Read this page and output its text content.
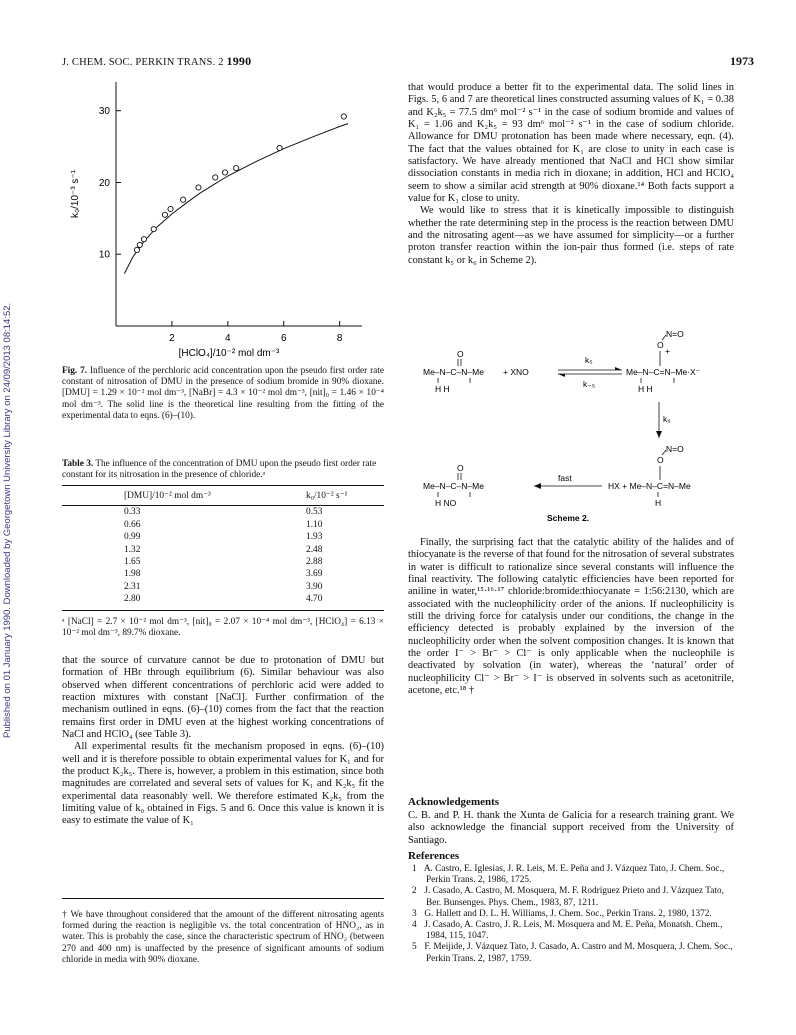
Published on 01 January 1990. Downloaded by Georgetown University Library on 24/09/2013 08:14:52.
J. CHEM. SOC. PERKIN TRANS. 2 1990	1973
10
20
30
2	4	6	8
[HClO₄]/10⁻² mol dm⁻³
k₀/10⁻³ s⁻¹
Fig. 7. Influence of the perchloric acid concentration upon the pseudo first order rate constant of nitrosation of DMU in the presence of sodium bromide in 90% dioxane. [DMU] = 1.29 × 10⁻² mol dm⁻³, [NaBr] = 4.3 × 10⁻² mol dm⁻³, [nit]₀ = 1.46 × 10⁻⁴ mol dm⁻³. The solid line is the theoretical line resulting from the fitting of the experimental data to eqns. (6)–(10).
Table 3. The influence of the concentration of DMU upon the pseudo first order rate constant for its nitrosation in the presence of chloride.ᵃ
[DMU]/10⁻² mol dm⁻³	k₀/10⁻² s⁻¹
0.33	0.53
0.66	1.10
0.99	1.93
1.32	2.48
1.65	2.88
1.98	3.69
2.31	3.90
2.80	4.70
ᵃ [NaCl] = 2.7 × 10⁻² mol dm⁻³, [nit]₀ = 2.07 × 10⁻⁴ mol dm⁻³, [HClO₄] = 6.13 × 10⁻² mol dm⁻³, 89.7% dioxane.

that the source of curvature cannot be due to protonation of DMU but formation of HBr through equilibrium (6). Similar behaviour was also observed when different concentrations of perchloric acid were added to reaction mixtures with constant [NaCl]. Further confirmation of the mechanism outlined in eqns. (6)–(10) comes from the fact that the reaction remains first order in DMU even at the highest working concentrations of NaCl and HClO₄ (see Table 3).

All experimental results fit the mechanism proposed in eqns. (6)–(10) well and it is therefore possible to obtain experimental values for K₁ and for the product K₂k₅. There is, however, a problem in this estimation, since both magnitudes are correlated and several sets of values for K₁ and K₂k₅ fit the experimental data reasonably well. We therefore estimated K₂k₅ from the limiting value of k₀ obtained in Figs. 5 and 6. Once this value is known it is easy to estimate the value of K₁

† We have throughout considered that the amount of the different nitrosating agents formed during the reaction is negligible vs. the total concentration of HNO₂, as in water. This is probably the case, since the characteristic spectrum of HNO₂ (between 270 and 400 nm) is unaffected by the presence of significant amounts of sodium chloride in media with 90% dioxane.

that would produce a better fit to the experimental data. The solid lines in Figs. 5, 6 and 7 are theoretical lines constructed assuming values of K₁ = 0.38 and K₂k₅ = 77.5 dm⁶ mol⁻² s⁻¹ in the case of sodium bromide and values of K₁ = 1.06 and K₂k₅ = 93 dm⁶ mol⁻² s⁻¹ in the case of sodium chloride. Allowance for DMU protonation has been made where necessary, eqn. (4). The fact that the values obtained for K₁ are close to unity in each case is satisfactory. We have already mentioned that NaCl and HCl show similar dissociation constants in media rich in dioxane; in addition, HCl and HClO₄ seem to show a similar acid strength at 90% dioxane.¹⁴ Both facts support a value for K₁ close to unity.

We would like to stress that it is kinetically impossible to distinguish whether the rate determining step in the process is the reaction between DMU and the nitrosating agent—as we have assumed for simplicity—or a further proton transfer reaction within the ion-pair thus formed (i.e. steps of rate constant k₅ or k₆ in Scheme 2).

O
Me–N–C–N–Me
H H
+ XNO
k₅
k₋₅
N=O
O
+
Me–N–C=N–Me·X⁻
H H
k₆
O
Me–N–C–N–Me
H NO
fast
N=O
O
HX + Me–N–C=N–Me
H
Scheme 2.

Finally, the surprising fact that the catalytic ability of the halides and of thiocyanate is the reverse of that found for the nitrosation of several substrates in water is difficult to rationalize since several constants will influence the final reactivity. The following catalytic efficiencies have been reported for aniline in water,¹⁵·¹⁶·¹⁷ chloride:bromide:thiocyanate = 1:56:2130, which are associated with the nucleophilicity order of the anions. If nucleophilicity is still the driving force for catalysis under our conditions, the change in the efficiency detected is probably explained by the inversion of the nucleophilicity order when the solvent composition changes. It is known that the order I⁻ > Br⁻ > Cl⁻ is only applicable when the nucleophile is deactivated by solvation (in water), whereas the ‘natural’ order of nucleophilicity Cl⁻ > Br⁻ > I⁻ is observed in solvents such as acetonitrile, acetone, etc.¹⁸ †

Acknowledgements
C. B. and P. H. thank the Xunta de Galicia for a research training grant. We also acknowledge the financial support received from the University of Santiago.
References
1 A. Castro, E. Iglesias, J. R. Leis, M. E. Peña and J. Vázquez Tato, J. Chem. Soc., Perkin Trans. 2, 1986, 1725.
2 J. Casado, A. Castro, M. Mosquera, M. F. Rodríguez Prieto and J. Vázquez Tato, Ber. Bunsenges. Phys. Chem., 1983, 87, 1211.
3 G. Hallett and D. L. H. Williams, J. Chem. Soc., Perkin Trans. 2, 1980, 1372.
4 J. Casado, A. Castro, J. R. Leis, M. Mosquera and M. E. Peña, Monatsh. Chem., 1984, 115, 1047.
5 F. Meijide, J. Vázquez Tato, J. Casado, A. Castro and M. Mosquera, J. Chem. Soc., Perkin Trans. 2, 1987, 1759.
